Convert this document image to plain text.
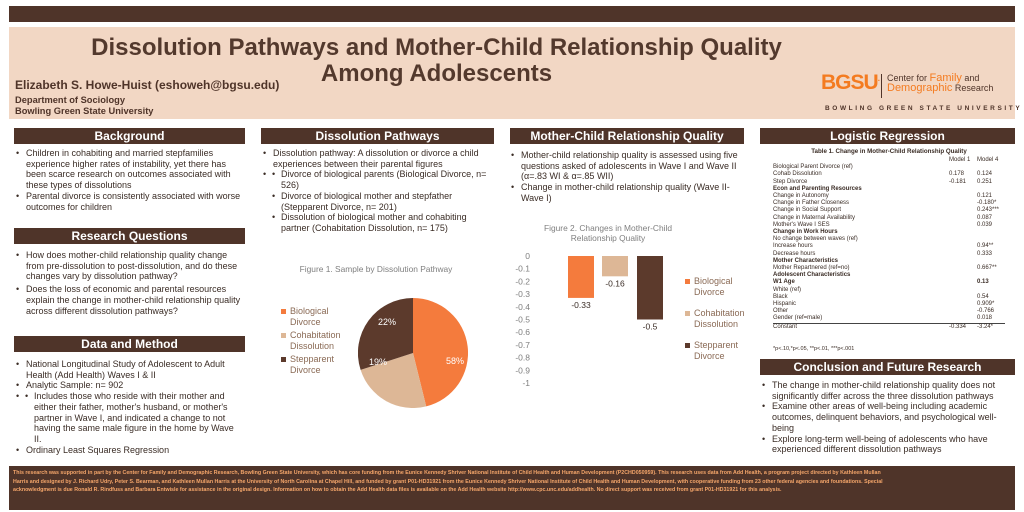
Dissolution Pathways and Mother-Child Relationship Quality Among Adolescents
Elizabeth S. Howe-Huist (eshoweh@bgsu.edu)
Department of Sociology
Bowling Green State University
BGSU. Center for Family and
Demographic Research
BOWLING GREEN STATE UNIVERSITY
Background
• Children in cohabiting and married stepfamilies experience higher rates of instability, yet there has been scarce research on outcomes associated with these types of dissolutions
• Parental divorce is consistently associated with worse outcomes for children
Research Questions
• How does mother-child relationship quality change from pre-dissolution to post-dissolution, and do these changes vary by dissolution pathway?
• Does the loss of economic and parental resources explain the change in mother-child relationship quality across different dissolution pathways?
Data and Method
• National Longitudinal Study of Adolescent to Adult Health (Add Health) Waves I & II
• Analytic Sample: n= 902
• • Includes those who reside with their mother and either their father, mother's husband, or mother's partner in Wave I, and indicated a change to not having the same male figure in the home by Wave II.
• Ordinary Least Squares Regression
Dissolution Pathways
• Dissolution pathway: A dissolution or divorce a child experiences between their parental figures
• • Divorce of biological parents (Biological Divorce, n= 526)
• Divorce of biological mother and stepfather (Stepparent Divorce, n= 201)
• Dissolution of biological mother and cohabiting partner (Cohabitation Dissolution, n= 175)
Figure 1. Sample by Dissolution Pathway
Biological Divorce
Cohabitation Dissolution
Stepparent Divorce
58%
19%
22%
Mother-Child Relationship Quality
• Mother-child relationship quality is assessed using five questions asked of adolescents in Wave I and Wave II (α=.83 WI & α=.85 WII)
• Change in mother-child relationship quality (Wave II-Wave I)
Figure 2. Changes in Mother-Child Relationship Quality
0
-0.1
-0.2
-0.3
-0.4
-0.5
-0.6
-0.7
-0.8
-0.9
-1
-0.33
-0.16
-0.5
Biological Divorce
Cohabitation Dissolution
Stepparent Divorce
Logistic Regression
Table 1. Change in Mother-Child Relationship Quality
	Model 1	Model 4
Biological Parent Divorce (ref)		
Cohab Dissolution	0.178	0.124
Step Divorce	-0.181	0.251
Econ and Parenting Resources		
Change in Autonomy		0.121
Change in Father Closeness		-0.180*
Change in Social Support		0.243***
Change in Maternal Availability		0.087
Mother's Wave I SES		0.039
Change in Work Hours		
No change between waves (ref)		
Increase hours		0.94**
Decrease hours		0.333
Mother Characteristics		
Mother Repartnered (ref=no)		0.667**
Adolescent Characteristics		
W1 Age		0.13
White (ref)		
Black		0.54
Hispanic		0.909*
Other		-0.766
Gender (ref=male)		0.018
Constant	-0.334	-3.24*
*p<.10,*p<.05, **p<.01, ***p<.001
Conclusion and Future Research
• The change in mother-child relationship quality does not significantly differ across the three dissolution pathways
• Examine other areas of well-being including academic outcomes, delinquent behaviors, and psychological well-being
• Explore long-term well-being of adolescents who have experienced different dissolution pathways
This research was supported in part by the Center for Family and Demographic Research, Bowling Green State University, which has core funding from the Eunice Kennedy Shriver National Institute of Child Health and Human Development (P2CHD050959). This research uses data from Add Health, a program project directed by Kathleen Mullan Harris and designed by J. Richard Udry, Peter S. Bearman, and Kathleen Mullan Harris at the University of North Carolina at Chapel Hill, and funded by grant P01-HD31921 from the Eunice Kennedy Shriver National Institute of Child Health and Human Development, with cooperative funding from 23 other federal agencies and foundations. Special acknowledgment is due Ronald R. Rindfuss and Barbara Entwisle for assistance in the original design. Information on how to obtain the Add Health data files is available on the Add Health website http://www.cpc.unc.edu/addhealth. No direct support was received from grant P01-HD31921 for this analysis.
